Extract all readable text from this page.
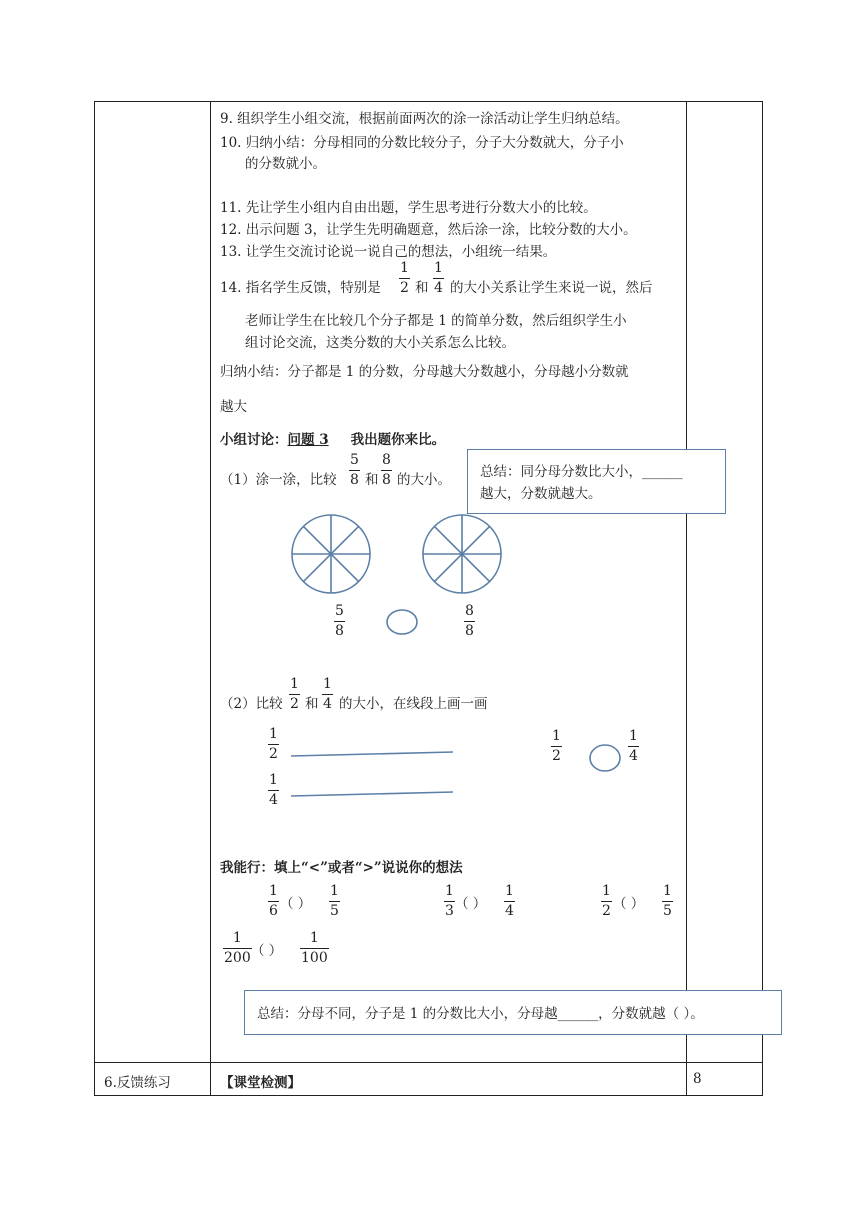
9. 组织学生小组交流，根据前面两次的涂一涂活动让学生归纳总结。
10. 归纳小结：分母相同的分数比较分子，分子大分数就大，分子小
的分数就小。
11. 先让学生小组内自由出题，学生思考进行分数大小的比较。
12. 出示问题 3，让学生先明确题意，然后涂一涂，比较分数的大小。
13. 让学生交流讨论说一说自己的想法，小组统一结果。
14. 指名学生反馈，特别是
1
2 和
1
4 的大小关系让学生来说一说，然后
老师让学生在比较几个分子都是 1 的简单分数，然后组织学生小
组讨论交流，这类分数的大小关系怎么比较。
归纳小结：分子都是 1 的分数，分母越大分数越小，分母越小分数就
越大
小组讨论：问题 3 我出题你来比。
（1）涂一涂，比较
5
8 和
8
8 的大小。 总结：同分母分数比大小，______
越大，分数就越大。
5
8
8
8
（2）比较
1
2 和
1
4 的大小，在线段上画一画
1
2
1
4
1
2
1
4
我能行：填上“<”或者“>”说说你的想法
1
6 （ ）
1
5
1
3 （ ）
1
4
1
2 （ ）
1
5
1
200 （ ）
1
100
总结：分母不同，分子是 1 的分数比大小，分母越______，分数就越（ ）。
6.反馈练习	【课堂检测】	8
